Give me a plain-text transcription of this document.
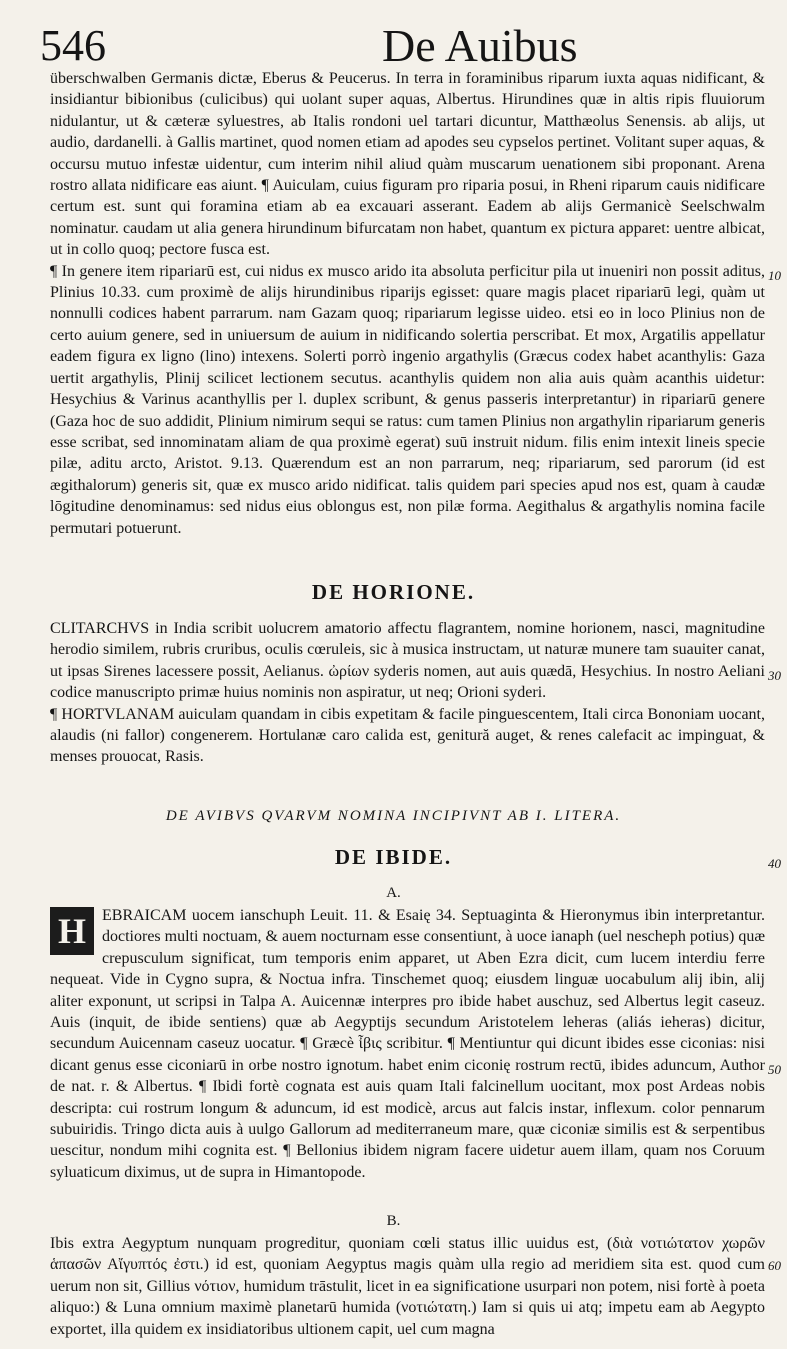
546	De Auibus

überschwalben Germanis dictæ, Eberus & Peucerus. In terra in foraminibus riparum iuxta aquas nidificant, & insidiantur bibionibus (culicibus) qui uolant super aquas, Albertus. Hirundines quæ in altis ripis fluuiorum nidulantur, ut & cæteræ syluestres, ab Italis rondoni uel tartari dicuntur, Matthæolus Senensis. ab alijs, ut audio, dardanelli. à Gallis martinet, quod nomen etiam ad apodes seu cypselos pertinet. Volitant super aquas, & occursu mutuo infestæ uidentur, cum interim nihil aliud quàm muscarum uenationem sibi proponant. Arena rostro allata nidificare eas aiunt. ¶ Auiculam, cuius figuram pro riparia posui, in Rheni riparum cauis nidificare certum est. sunt qui foramina etiam ab ea excauari asserant. Eadem ab alijs Germanicè Seelschwalm nominatur. caudam ut alia genera hirundinum bifurcatam non habet, quantum ex pictura apparet: uentre albicat, ut in collo quoq; pectore fusca est.

¶ In genere item ripariarū est, cui nidus ex musco arido ita absoluta perficitur pila ut inueniri non possit aditus, Plinius 10.33. cum proximè de alijs hirundinibus riparijs egisset: quare magis placet ripariarū legi, quàm ut nonnulli codices habent parrarum. nam Gazam quoq; ripariarum legisse uideo. etsi eo in loco Plinius non de certo auium genere, sed in uniuersum de auium in nidificando solertia perscribat. Et mox, Argatilis appellatur eadem figura ex ligno (lino) intexens. Solerti porrò ingenio argathylis (Græcus codex habet acanthylis: Gaza uertit argathylis, Plinij scilicet lectionem secutus. acanthylis quidem non alia auis quàm acanthis uidetur: Hesychius & Varinus acanthyllis per l. duplex scribunt, & genus passeris interpretantur) in ripariarū genere (Gaza hoc de suo addidit, Plinium nimirum sequi se ratus: cum tamen Plinius non argathylin ripariarum generis esse scribat, sed innominatam aliam de qua proximè egerat) suū instruit nidum. filis enim intexit lineis specie pilæ, aditu arcto, Aristot. 9.13. Quærendum est an non parrarum, neq; ripariarum, sed parorum (id est ægithalorum) generis sit, quæ ex musco arido nidificat. talis quidem pari species apud nos est, quam à caudæ lōgitudine denominamus: sed nidus eius oblongus est, non pilæ forma. Aegithalus & argathylis nomina facile permutari potuerunt.

DE HORIONE.

CLITARCHVS in India scribit uolucrem amatorio affectu flagrantem, nomine horionem, nasci, magnitudine herodio similem, rubris cruribus, oculis cœruleis, sic à musica instructam, ut naturæ munere tam suauiter canat, ut ipsas Sirenes lacessere possit, Aelianus. ὠρίων syderis nomen, aut auis quædā, Hesychius. In nostro Aeliani codice manuscripto primæ huius nominis non aspiratur, ut neq; Orioni syderi.

¶ HORTVLANAM auiculam quandam in cibis expetitam & facile pinguescentem, Itali circa Bononiam uocant, alaudis (ni fallor) congenerem. Hortulanæ caro calida est, genitură auget, & renes calefacit ac impinguat, & menses prouocat, Rasis.

DE AVIBVS QVARVM NOMINA INCIPIVNT AB I. LITERA.
DE IBIDE.
A.

H	EBRAICAM uocem ianschuph Leuit. 11. & Esaię 34. Septuaginta & Hieronymus ibin interpretantur. doctiores multi noctuam, & auem nocturnam esse consentiunt, à uoce ianaph (uel nescheph potius) quæ crepusculum significat, tum temporis enim apparet, ut Aben Ezra dicit, cum lucem interdiu ferre nequeat. Vide in Cygno supra, & Noctua infra. Tinschemet quoq; eiusdem linguæ uocabulum alij ibin, alij aliter exponunt, ut scripsi in Talpa A. Auicennæ interpres pro ibide habet auschuz, sed Albertus legit caseuz. Auis (inquit, de ibide sentiens) quæ ab Aegyptijs secundum Aristotelem leheras (aliás ieheras) dicitur, secundum Auicennam caseuz uocatur. ¶ Græcè ἶβις scribitur. ¶ Mentiuntur qui dicunt ibides esse ciconias: nisi dicant genus esse ciconiarū in orbe nostro ignotum. habet enim ciconię rostrum rectū, ibides aduncum, Author de nat. r. & Albertus. ¶ Ibidi fortè cognata est auis quam Itali falcinellum uocitant, mox post Ardeas nobis descripta: cui rostrum longum & aduncum, id est modicè, arcus aut falcis instar, inflexum. color pennarum subuiridis. Tringo dicta auis à uulgo Gallorum ad mediterraneum mare, quæ ciconiæ similis est & serpentibus uescitur, nondum mihi cognita est. ¶ Bellonius ibidem nigram facere uidetur auem illam, quam nos Coruum syluaticum diximus, ut de supra in Himantopode.

B.

Ibis extra Aegyptum nunquam progreditur, quoniam cœli status illic uuidus est, (διὰ νοτιώτατον χωρῶν ἁπασῶν Αἴγυπτός ἐστι.) id est, quoniam Aegyptus magis quàm ulla regio ad meridiem sita est. quod cum uerum non sit, Gillius νότιον, humidum trāstulit, licet in ea significatione usurpari non potem, nisi fortè à poeta aliquo:) & Luna omnium maximè planetarū humida (νοτιώτατη.) Iam si quis ui atq; impetu eam ab Aegypto exportet, illa quidem ex insidiatoribus ultionem capit, uel cum magna

10
30
40
50
60
